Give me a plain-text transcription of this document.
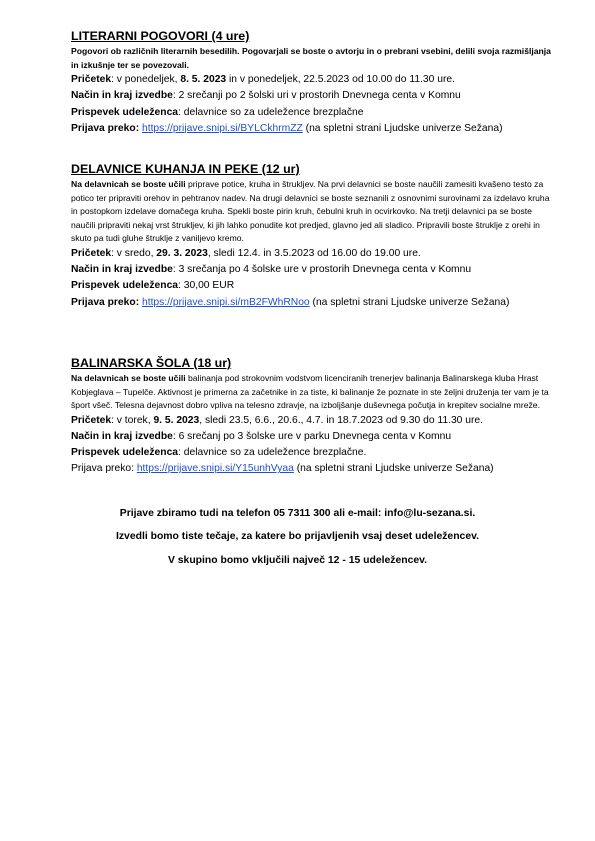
LITERARNI POGOVORI (4 ure)

Pogovori ob različnih literarnih besedilih. Pogovarjali se boste o avtorju in o prebrani vsebini, delili svoja razmišljanja in izkušnje ter se povezovali.

Pričetek: v ponedeljek, 8. 5. 2023 in v ponedeljek, 22.5.2023 od 10.00 do 11.30 ure.

Način in kraj izvedbe: 2 srečanji po 2 šolski uri v prostorih Dnevnega centa v Komnu

Prispevek udeleženca: delavnice so za udeležence brezplačne

Prijava preko: https://prijave.snipi.si/BYLCkhrmZZ (na spletni strani Ljudske univerze Sežana)

DELAVNICE KUHANJA IN PEKE (12 ur)

Na delavnicah se boste učili priprave potice, kruha in štrukljev. Na prvi delavnici se boste naučili zamesiti kvašeno testo za potico ter pripraviti orehov in pehtranov nadev. Na drugi delavnici se boste seznanili z osnovnimi surovinami za izdelavo kruha in postopkom izdelave domačega kruha. Spekli boste pirin kruh, čebulni kruh in ocvirkovko. Na tretji delavnici pa se boste naučili pripraviti nekaj vrst štrukljev, ki jih lahko ponudite kot predjed, glavno jed ali sladico. Pripravili boste štruklje z orehi in skuto pa tudi gluhe štruklje z vaniljevo kremo.

Pričetek: v sredo, 29. 3. 2023, sledi 12.4. in 3.5.2023 od 16.00 do 19.00 ure.

Način in kraj izvedbe: 3 srečanja po 4 šolske ure v prostorih Dnevnega centa v Komnu

Prispevek udeleženca: 30,00 EUR

Prijava preko: https://prijave.snipi.si/mB2FWhRNoo (na spletni strani Ljudske univerze Sežana)

BALINARSKA ŠOLA (18 ur)

Na delavnicah se boste učili balinanja pod strokovnim vodstvom licenciranih trenerjev balinanja Balinarskega kluba Hrast Kobjeglava – Tupelče. Aktivnost je primerna za začetnike in za tiste, ki balinanje že poznate in ste željni druženja ter vam je ta šport všeč. Telesna dejavnost dobro vpliva na telesno zdravje, na izboljšanje duševnega počutja in krepitev socialne mreže.

Pričetek: v torek, 9. 5. 2023, sledi 23.5, 6.6., 20.6., 4.7. in 18.7.2023 od 9.30 do 11.30 ure.

Način in kraj izvedbe: 6 srečanj po 3 šolske ure v parku Dnevnega centa v Komnu

Prispevek udeleženca: delavnice so za udeležence brezplačne.

Prijava preko: https://prijave.snipi.si/Y15unhVyaa (na spletni strani Ljudske univerze Sežana)

Prijave zbiramo tudi na telefon 05 7311 300 ali e-mail: info@lu-sezana.si.

Izvedli bomo tiste tečaje, za katere bo prijavljenih vsaj deset udeležencev.

V skupino bomo vključili največ 12 - 15 udeležencev.
